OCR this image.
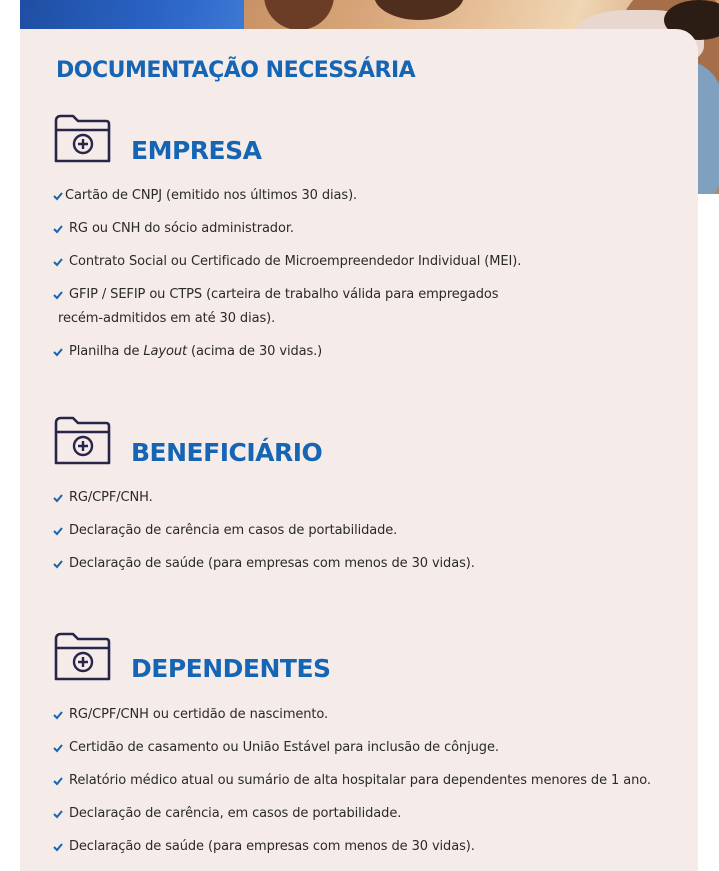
DOCUMENTAÇÃO NECESSÁRIA
EMPRESA
Cartão de CNPJ (emitido nos últimos 30 dias).
RG ou CNH do sócio administrador.
Contrato Social ou Certificado de Microempreendedor Individual (MEI).
GFIP / SEFIP ou CTPS (carteira de trabalho válida para empregados
recém-admitidos em até 30 dias).
Planilha de Layout (acima de 30 vidas.)
BENEFICIÁRIO
RG/CPF/CNH.
Declaração de carência em casos de portabilidade.
Declaração de saúde (para empresas com menos de 30 vidas).
DEPENDENTES
RG/CPF/CNH ou certidão de nascimento.
Certidão de casamento ou União Estável para inclusão de cônjuge.
Relatório médico atual ou sumário de alta hospitalar para dependentes menores de 1 ano.
Declaração de carência, em casos de portabilidade.
Declaração de saúde (para empresas com menos de 30 vidas).
